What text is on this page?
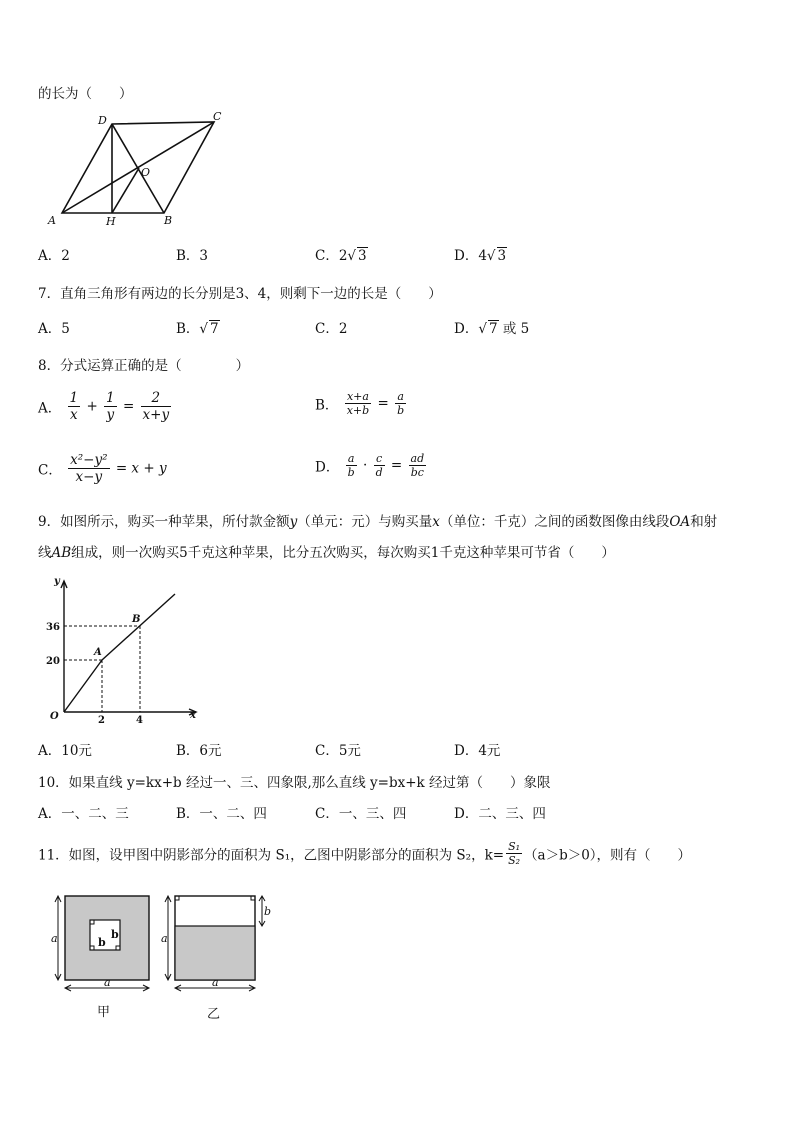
的长为（　　）
A	B
C
D
O
H
A．2	B．3	C．2√ 3	D．4√ 3
7．直角三角形有两边的长分别是3、4，则剩下一边的长是（　　）
A．5	B．√ 7	C．2	D．√ 7 或 5
8．分式运算正确的是（　　　　）
A． $\frac{1}{x} + \frac{1}{y} = \frac{2}{x+y}$	B． $\frac{x+a}{x+b} = \frac{a}{b}$
C． $\frac{\text{x²−y²}}{x-y} = x + y$	D． $\frac{a}{b} \cdot \frac{c}{d} = \frac{ad}{bc}$
9．如图所示，购买一种苹果，所付款金额y（单元：元）与购买量x（单位：千克）之间的函数图像由线段OA和射
线AB组成，则一次购买5千克这种苹果，比分五次购买，每次购买1千克这种苹果可节省（　　）
y
x
O
A
B
36
20
2	4
A．10元	B．6元	C．5元	D．4元
10．如果直线 y=kx+b 经过一、三、四象限,那么直线 y=bx+k 经过第（　　）象限
A．一、二、三	B．一、二、四	C．一、三、四	D．二、三、四
11．如图，设甲图中阴影部分的面积为 S₁，乙图中阴影部分的面积为 S₂，$k= \frac{\text{S₁}}{\text{S₂}} (a>b>0)$，则有（　　）
a
a
b
b
甲
a
a
b
乙
